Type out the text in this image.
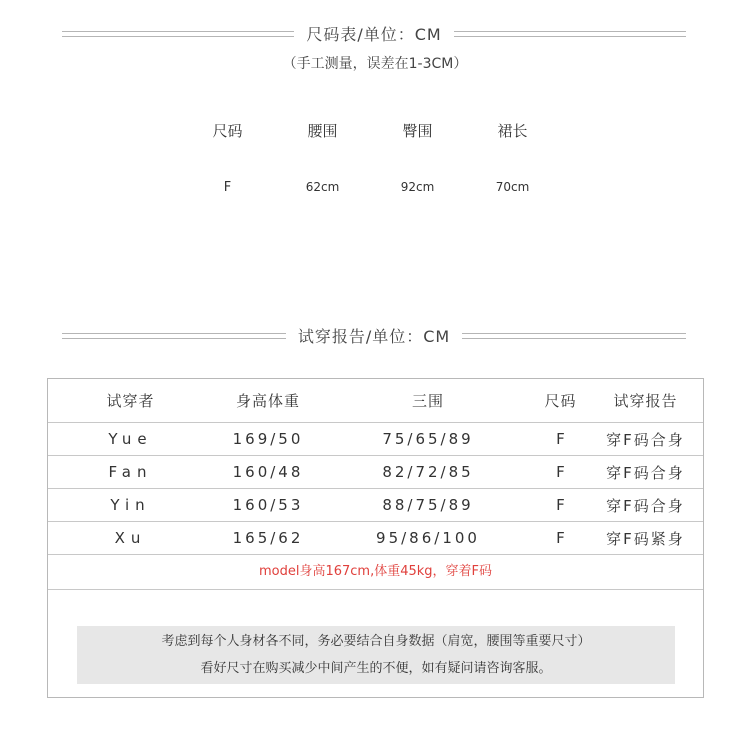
尺码表/单位：CM
（手工测量，误差在1-3CM）
尺码	腰围	臀围	裙长
F	62cm	92cm	70cm
试穿报告/单位：CM
试穿者	身高体重	三围	尺码	试穿报告
Yue	169/50	75/65/89	F	穿F码合身
Fan	160/48	82/72/85	F	穿F码合身
Yin	160/53	88/75/89	F	穿F码合身
Xu	165/62	95/86/100	F	穿F码紧身
model身高167cm,体重45kg，穿着F码
考虑到每个人身材各不同，务必要结合自身数据（肩宽，腰围等重要尺寸）
看好尺寸在购买减少中间产生的不便，如有疑问请咨询客服。
